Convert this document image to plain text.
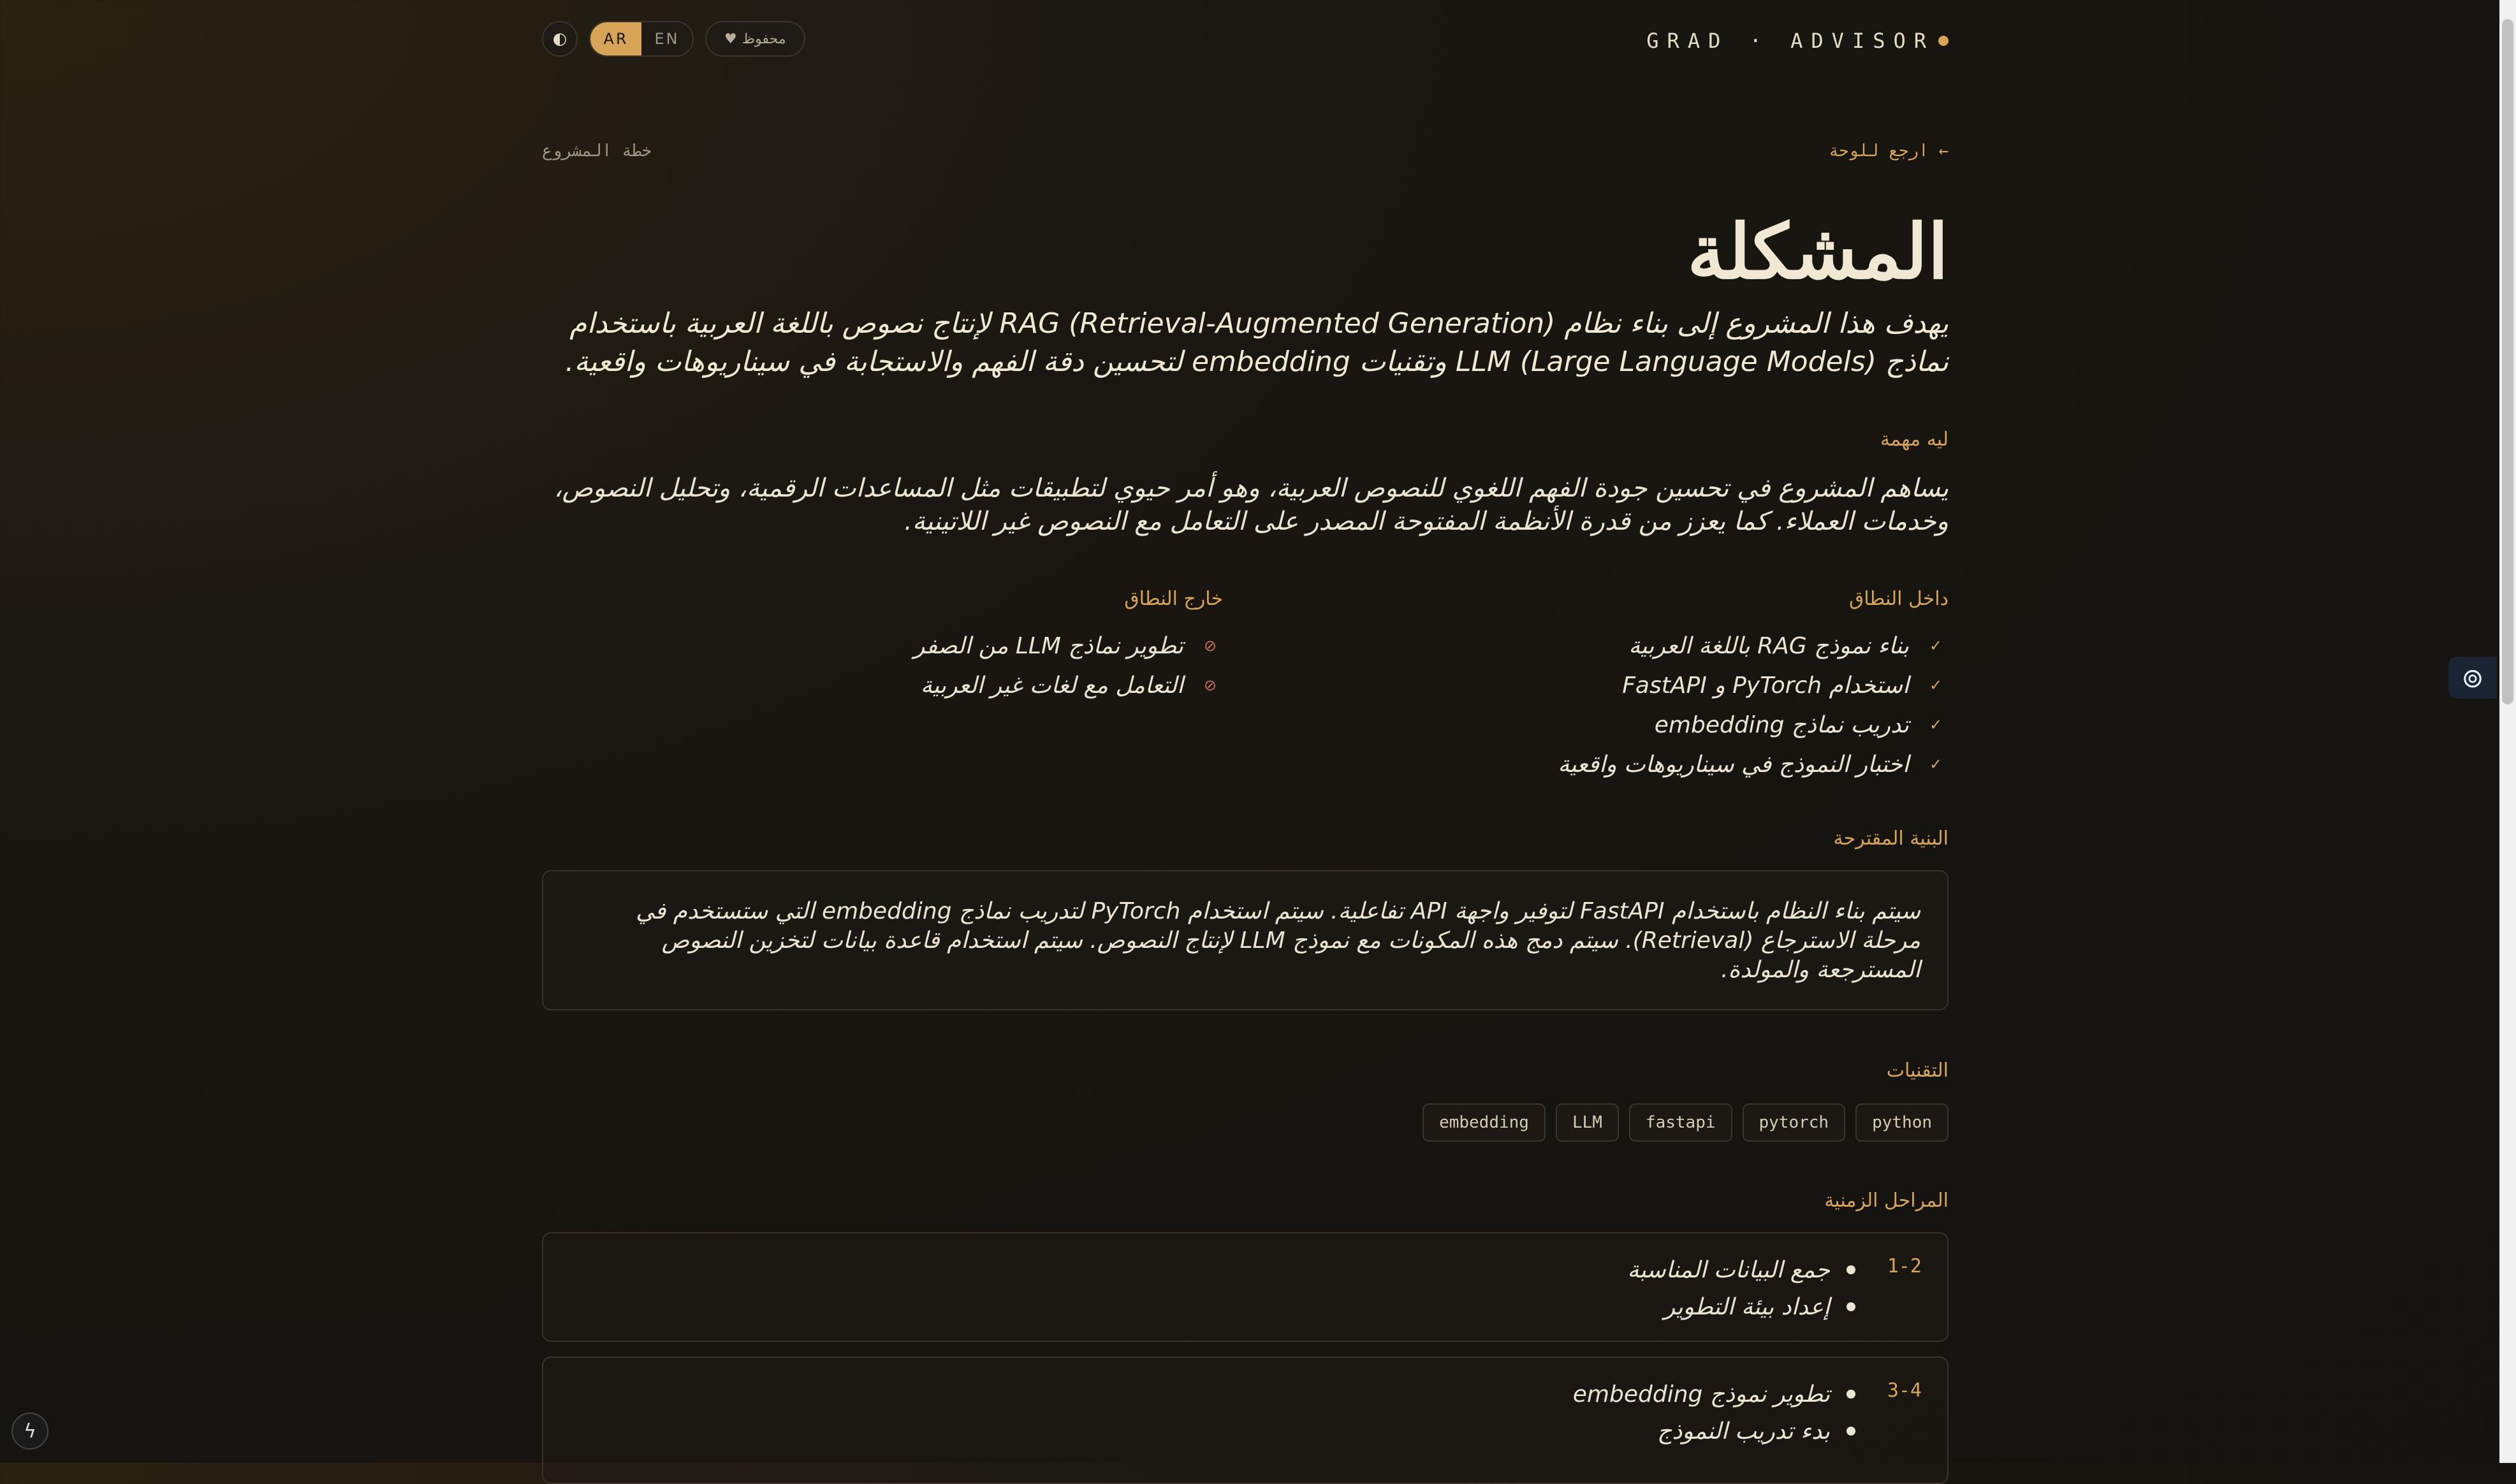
◐	AR	EN	♥ محفوظ	GRAD · ADVISOR
← ارجع للوحة
خطة المشروع
المشكلة
يهدف هذا المشروع إلى بناء نظام RAG (Retrieval-Augmented Generation) لإنتاج نصوص باللغة العربية باستخدام نماذج LLM (Large Language Models) وتقنيات embedding لتحسين دقة الفهم والاستجابة في سيناريوهات واقعية.
ليه مهمة
يساهم المشروع في تحسين جودة الفهم اللغوي للنصوص العربية، وهو أمر حيوي لتطبيقات مثل المساعدات الرقمية، وتحليل النصوص، وخدمات العملاء. كما يعزز من قدرة الأنظمة المفتوحة المصدر على التعامل مع النصوص غير اللاتينية.
داخل النطاق
✓
بناء نموذج RAG باللغة العربية
✓
استخدام PyTorch و FastAPI
✓
تدريب نماذج embedding
✓
اختبار النموذج في سيناريوهات واقعية
خارج النطاق
⊘
تطوير نماذج LLM من الصفر
⊘
التعامل مع لغات غير العربية
البنية المقترحة
سيتم بناء النظام باستخدام FastAPI لتوفير واجهة API تفاعلية. سيتم استخدام PyTorch لتدريب نماذج embedding التي ستستخدم في مرحلة الاسترجاع (Retrieval). سيتم دمج هذه المكونات مع نموذج LLM لإنتاج النصوص. سيتم استخدام قاعدة بيانات لتخزين النصوص المسترجعة والمولدة.
التقنيات
python
pytorch
fastapi
LLM
embedding
المراحل الزمنية
1-2
جمع البيانات المناسبة
إعداد بيئة التطوير
3-4
تطوير نموذج embedding
بدء تدريب النموذج
⊚
ϟ
